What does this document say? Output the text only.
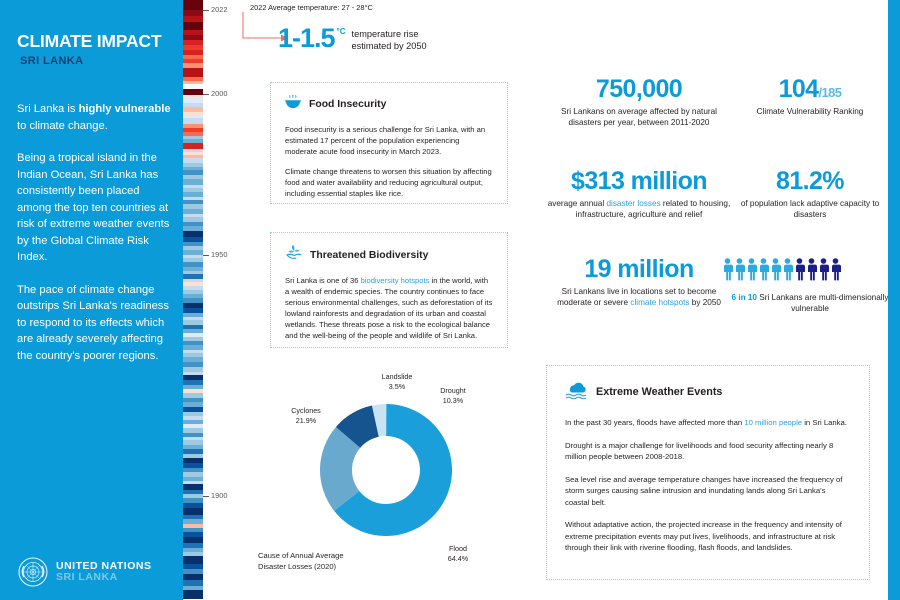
CLIMATE IMPACT
SRI LANKA

Sri Lanka is highly vulnerable to climate change.

Being a tropical island in the Indian Ocean, Sri Lanka has consistently been placed among the top ten countries at risk of extreme weather events by the Global Climate Risk Index.

The pace of climate change outstrips Sri Lanka's readiness to respond to its effects which are already severely affecting the country's poorer regions.

UNITED NATIONS
SRI LANKA
2022
2000
1950
1900
2022 Average temperature: 27 - 28°C
1-1.5 °C temperature rise
estimated by 2050
Food Insecurity

Food insecurity is a serious challenge for Sri Lanka, with an estimated 17 percent of the population experiencing moderate acute food insecurity in March 2023.

Climate change threatens to worsen this situation by affecting food and water availability and reducing agricultural output, including essential staples like rice.

Threatened Biodiversity

Sri Lanka is one of 36 biodiversity hotspots in the world, with a wealth of endemic species. The country continues to face serious environmental challenges, such as deforestation of its lowland rainforests and degradation of its urban and coastal wetlands. These threats pose a risk to the ecological balance and the well-being of the people and wildlife of Sri Lanka.

Landslide
3.5%	Drought
10.3%
Cyclones
21.9%
Flood
64.4%
Cause of Annual Average Disaster Losses (2020)
750,000
Sri Lankans on average affected by natural disasters per year, between 2011-2020
104/185
Climate Vulnerability Ranking
$313 million
average annual disaster losses related to housing, infrastructure, agriculture and relief
81.2%
of population lack adaptive capacity to disasters
19 million
Sri Lankans live in locations set to become moderate or severe climate hotspots by 2050
6 in 10 Sri Lankans are multi-dimensionally vulnerable
Extreme Weather Events

In the past 30 years, floods have affected more than 10 million people in Sri Lanka.

Drought is a major challenge for livelihoods and food security affecting nearly 8 million people between 2008-2018.

Sea level rise and average temperature changes have increased the frequency of storm surges causing saline intrusion and inundating lands along Sri Lanka's coastal belt.

Without adaptative action, the projected increase in the frequency and intensity of extreme precipitation events may put lives, livelihoods, and infrastructure at risk through their link with riverine flooding, flash floods, and landslides.
